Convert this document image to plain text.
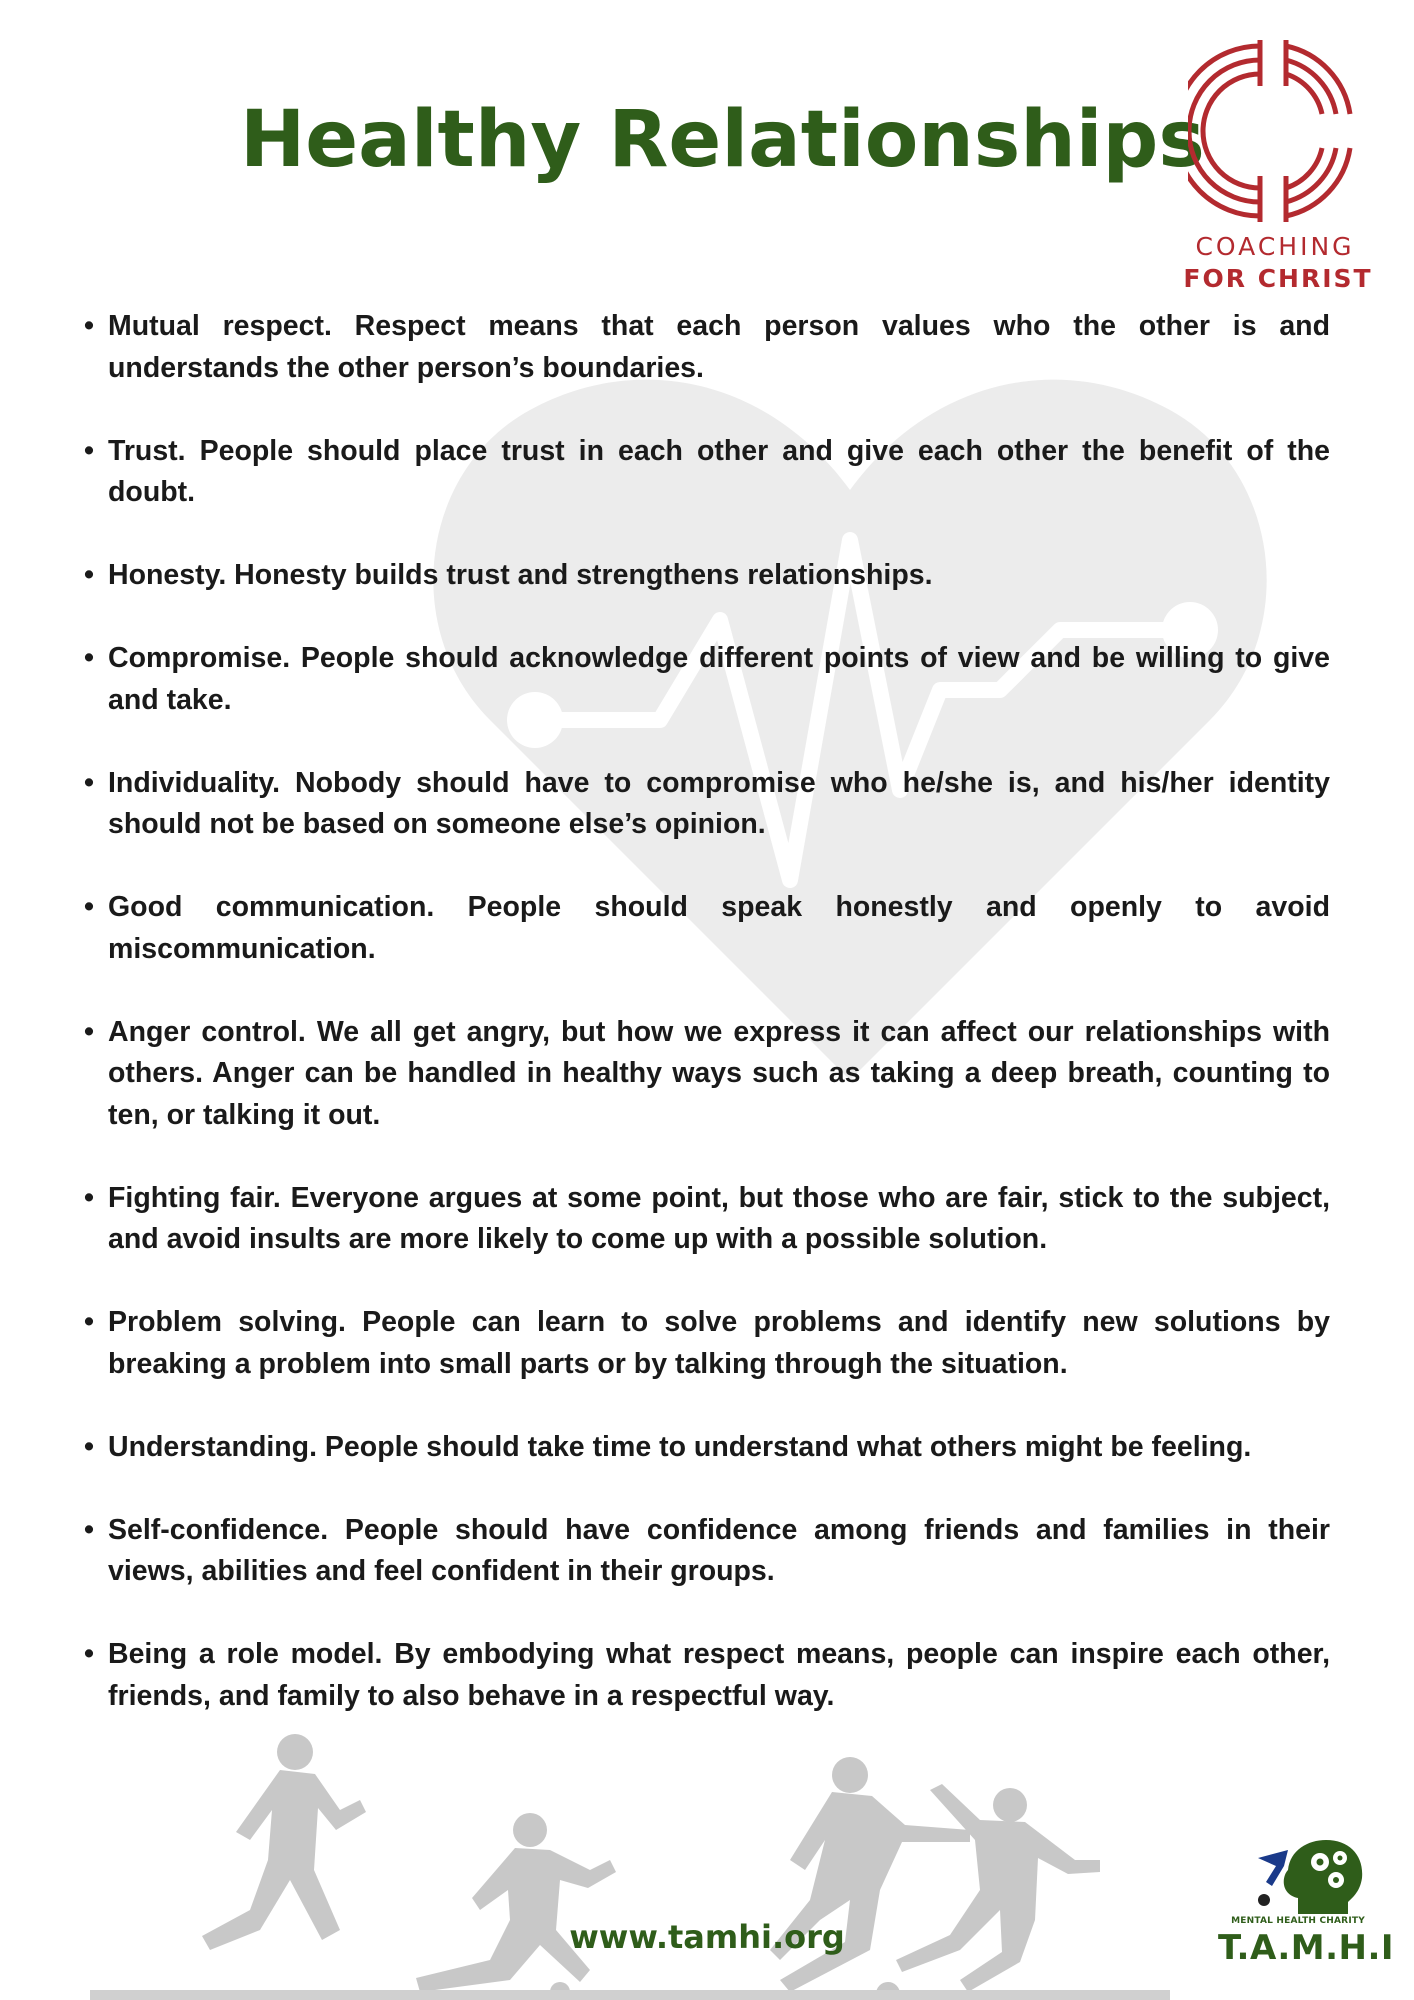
Healthy Relationships
COACHING
FOR CHRIST
• Mutual respect. Respect means that each person values who the other is and understands the other person’s boundaries.
• Trust. People should place trust in each other and give each other the benefit of the doubt.
• Honesty. Honesty builds trust and strengthens relationships.
• Compromise. People should acknowledge different points of view and be willing to give and take.
• Individuality. Nobody should have to compromise who he/she is, and his/her identity should not be based on someone else’s opinion.
• Good communication. People should speak honestly and openly to avoid miscommunication.
• Anger control. We all get angry, but how we express it can affect our relationships with others. Anger can be handled in healthy ways such as taking a deep breath, counting to ten, or talking it out.
• Fighting fair. Everyone argues at some point, but those who are fair, stick to the subject, and avoid insults are more likely to come up with a possible solution.
• Problem solving. People can learn to solve problems and identify new solutions by breaking a problem into small parts or by talking through the situation.
• Understanding. People should take time to understand what others might be feeling.
• Self-confidence. People should have confidence among friends and families in their views, abilities and feel confident in their groups.
• Being a role model. By embodying what respect means, people can inspire each other, friends, and family to also behave in a respectful way.
www.tamhi.org	MENTAL HEALTH CHARITY
T.A.M.H.I
